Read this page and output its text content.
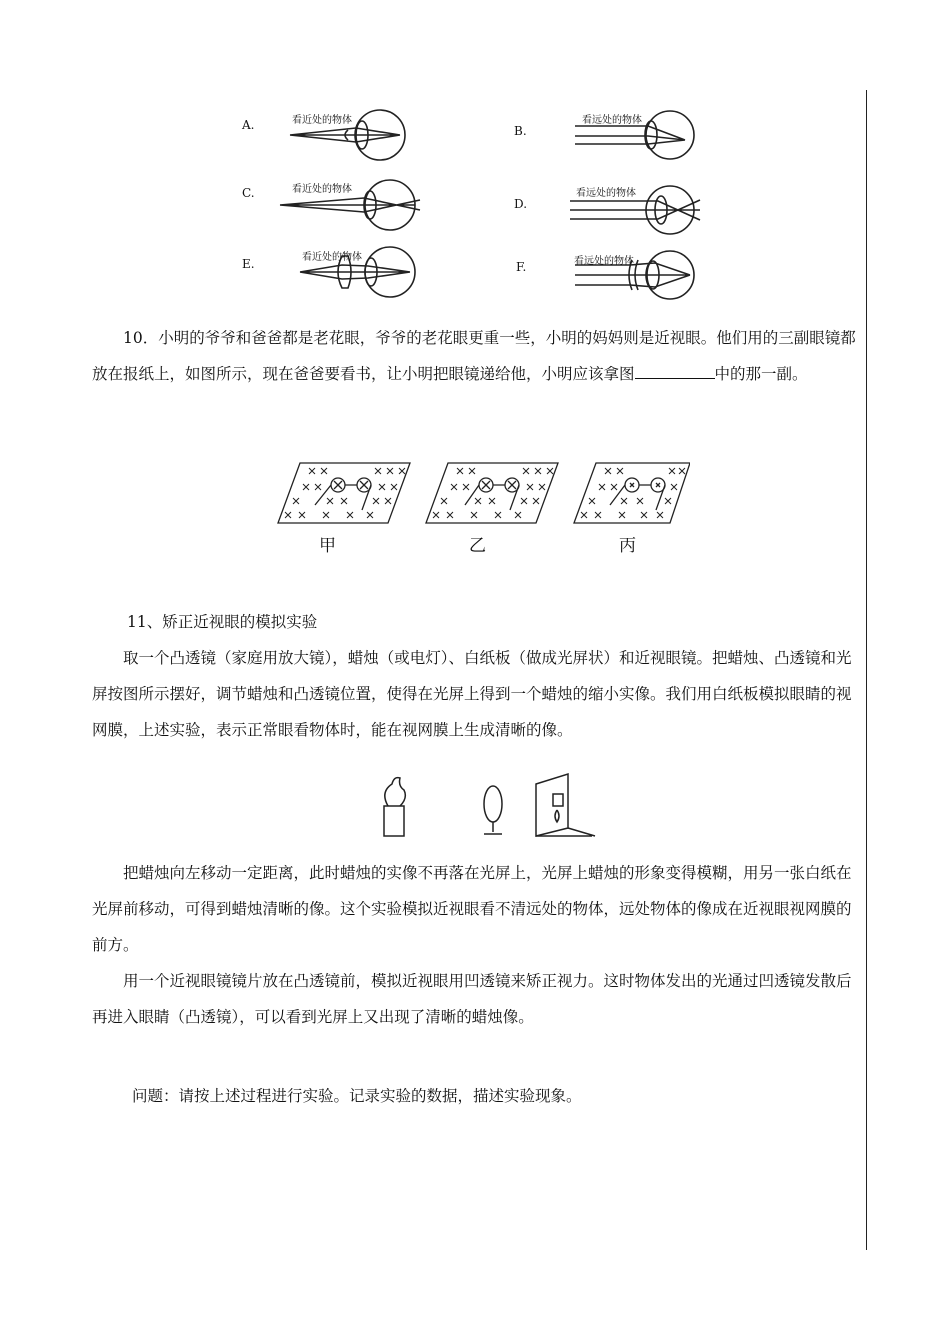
A.	看近处的物体
B.
看远处的物体
C.	看近处的物体
D.
看远处的物体
E.	看近处的物体
F.	看远处的物体

10．小明的爷爷和爸爸都是老花眼，爷爷的老花眼更重一些，小明的妈妈则是近视眼。他们用的三副眼镜都放在报纸上，如图所示，现在爸爸要看书，让小明把眼镜递给他，小明应该拿图	中的那一副。

甲	乙	丙

11、矫正近视眼的模拟实验

取一个凸透镜（家庭用放大镜），蜡烛（或电灯）、白纸板（做成光屏状）和近视眼镜。把蜡烛、凸透镜和光屏按图所示摆好，调节蜡烛和凸透镜位置，使得在光屏上得到一个蜡烛的缩小实像。我们用白纸板模拟眼睛的视网膜，上述实验，表示正常眼看物体时，能在视网膜上生成清晰的像。

把蜡烛向左移动一定距离，此时蜡烛的实像不再落在光屏上，光屏上蜡烛的形象变得模糊，用另一张白纸在光屏前移动，可得到蜡烛清晰的像。这个实验模拟近视眼看不清远处的物体，远处物体的像成在近视眼视网膜的前方。

用一个近视眼镜镜片放在凸透镜前，模拟近视眼用凹透镜来矫正视力。这时物体发出的光通过凹透镜发散后再进入眼睛（凸透镜），可以看到光屏上又出现了清晰的蜡烛像。

问题：请按上述过程进行实验。记录实验的数据，描述实验现象。
